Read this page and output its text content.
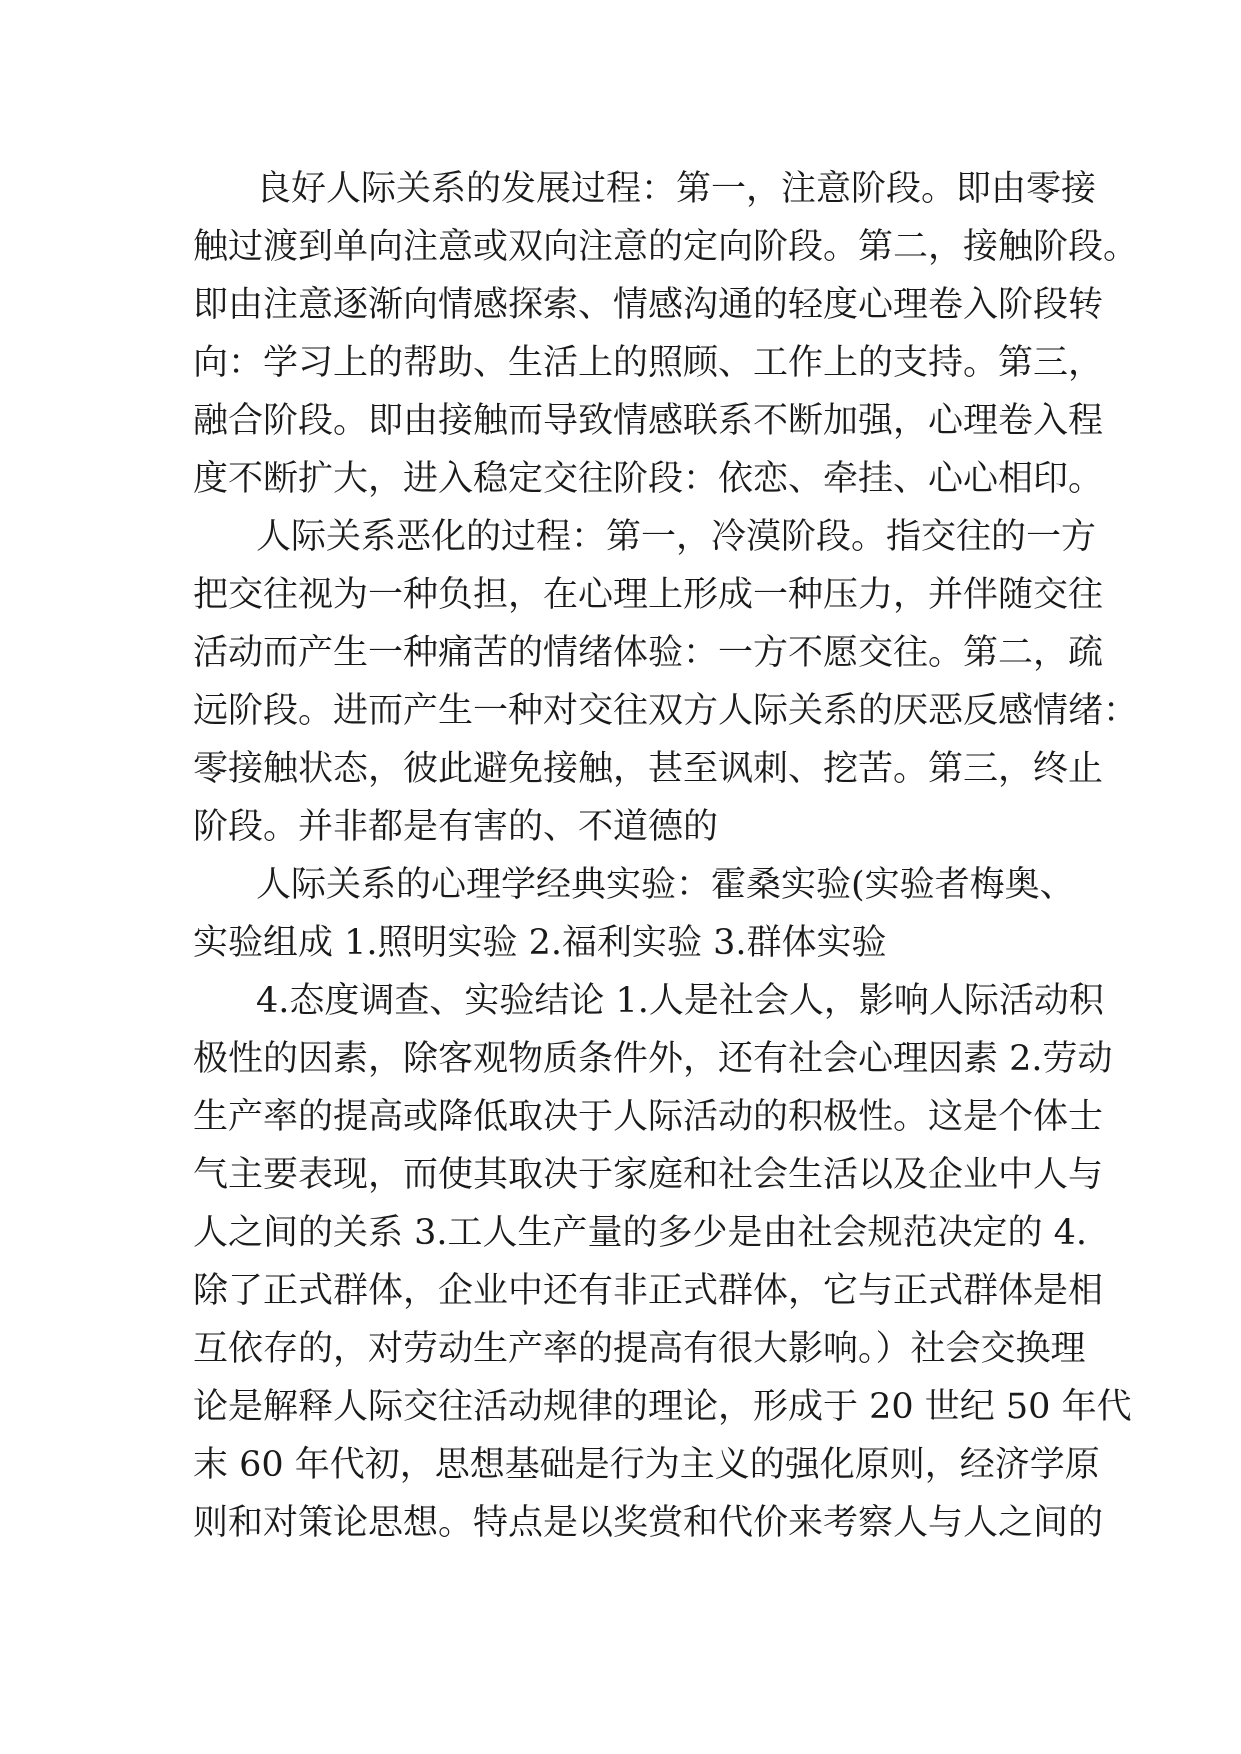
良好人际关系的发展过程：第一，注意阶段。即由零接
触过渡到单向注意或双向注意的定向阶段。第二，接触阶段。
即由注意逐渐向情感探索、情感沟通的轻度心理卷入阶段转
向：学习上的帮助、生活上的照顾、工作上的支持。第三，
融合阶段。即由接触而导致情感联系不断加强，心理卷入程
度不断扩大，进入稳定交往阶段：依恋、牵挂、心心相印。
人际关系恶化的过程：第一，冷漠阶段。指交往的一方
把交往视为一种负担，在心理上形成一种压力，并伴随交往
活动而产生一种痛苦的情绪体验：一方不愿交往。第二，疏
远阶段。进而产生一种对交往双方人际关系的厌恶反感情绪：
零接触状态，彼此避免接触，甚至讽刺、挖苦。第三，终止
阶段。并非都是有害的、不道德的
人际关系的心理学经典实验：霍桑实验(实验者梅奥、
实验组成 1.照明实验 2.福利实验 3.群体实验
4.态度调查、实验结论 1.人是社会人，影响人际活动积
极性的因素，除客观物质条件外，还有社会心理因素 2.劳动
生产率的提高或降低取决于人际活动的积极性。这是个体士
气主要表现，而使其取决于家庭和社会生活以及企业中人与
人之间的关系 3.工人生产量的多少是由社会规范决定的 4.
除了正式群体，企业中还有非正式群体，它与正式群体是相
互依存的，对劳动生产率的提高有很大影响。）社会交换理
论是解释人际交往活动规律的理论，形成于 20 世纪 50 年代
末 60 年代初，思想基础是行为主义的强化原则，经济学原
则和对策论思想。特点是以奖赏和代价来考察人与人之间的
